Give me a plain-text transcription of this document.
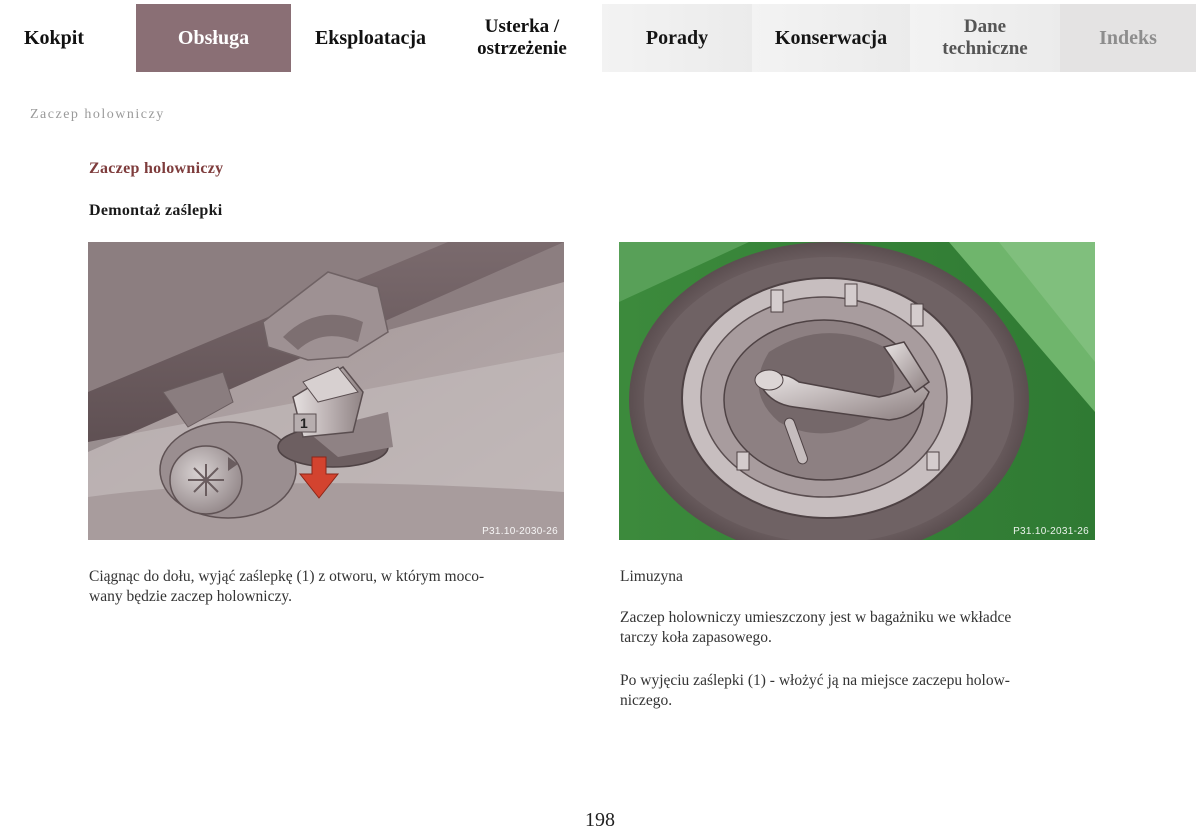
Kokpit	Obsługa	Eksploatacja
Usterka /
ostrzeżenie	Porady	Konserwacja
Dane
techniczne	Indeks
Zaczep holowniczy
Zaczep holowniczy
Demontaż zaślepki
1
P31.10-2030-26	P31.10-2031-26
Ciągnąc do dołu, wyjąć zaślepkę (1) z otworu, w którym moco-
wany będzie zaczep holowniczy.
Limuzyna
Zaczep holowniczy umieszczony jest w bagażniku we wkładce
tarczy koła zapasowego.
Po wyjęciu zaślepki (1) - włożyć ją na miejsce zaczepu holow-
niczego.
198
